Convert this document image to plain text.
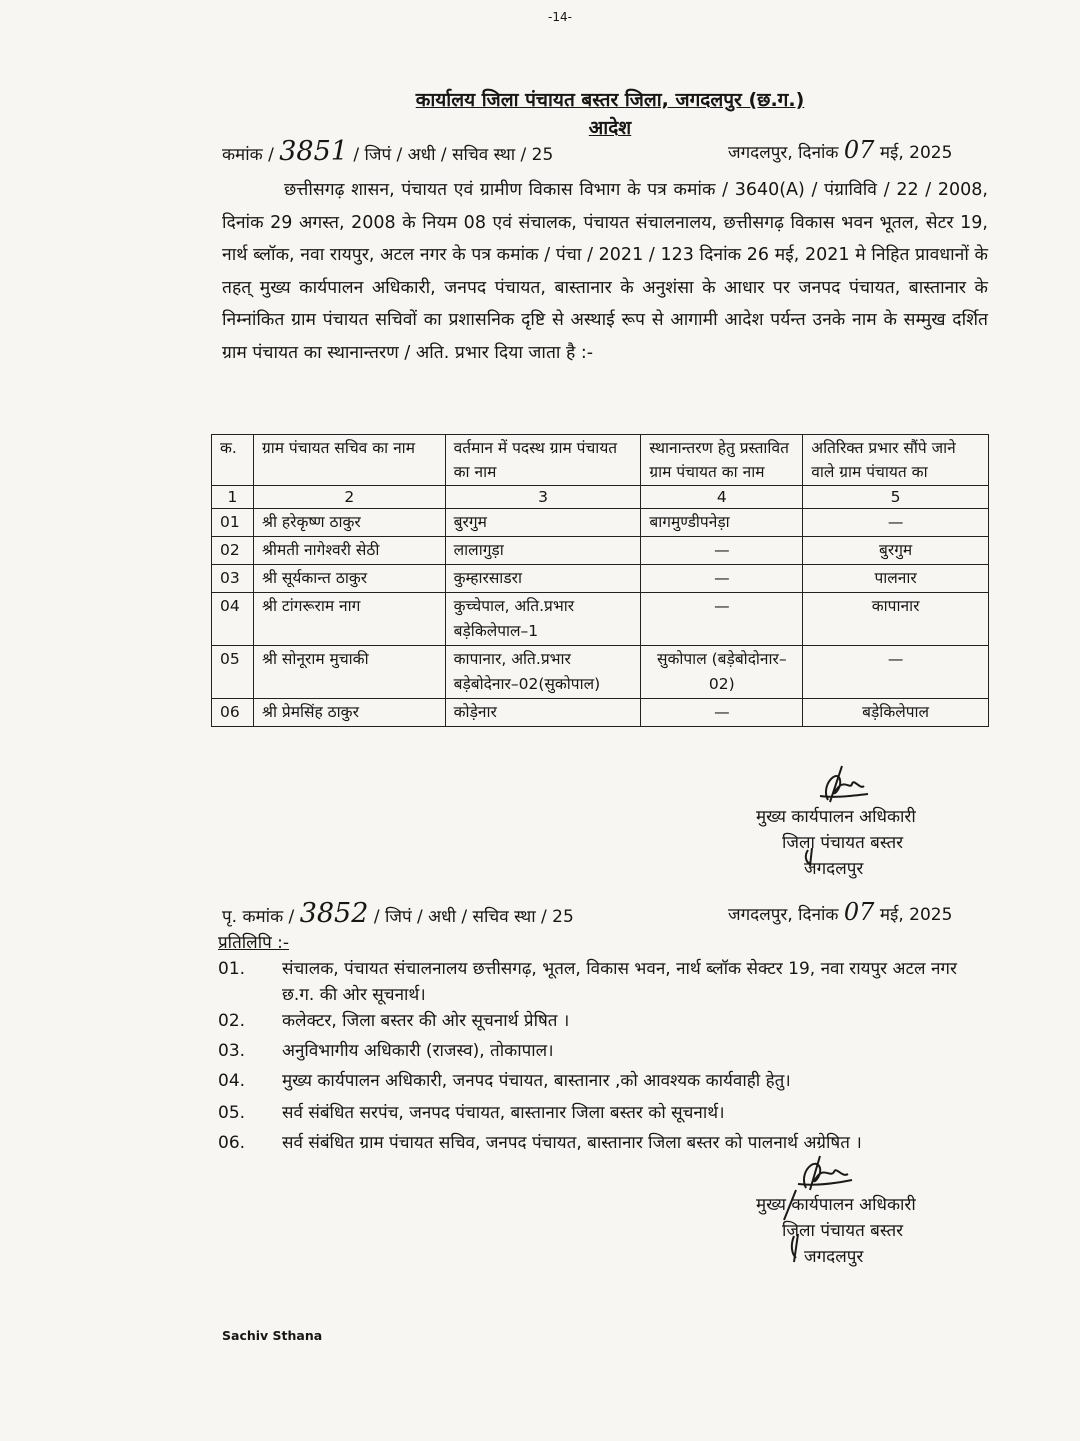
-14-
कार्यालय जिला पंचायत बस्तर जिला, जगदलपुर (छ.ग.)
आदेश
कमांक / 3851 / जिपं / अधी / सचिव स्था / 25	जगदलपुर, दिनांक 07 मई, 2025
छत्तीसगढ़ शासन, पंचायत एवं ग्रामीण विकास विभाग के पत्र कमांक / 3640(A) / पंग्राविवि / 22 / 2008, दिनांक 29 अगस्त, 2008 के नियम 08 एवं संचालक, पंचायत संचालनालय, छत्तीसगढ़ विकास भवन भूतल, सेटर 19, नार्थ ब्लॉक, नवा रायपुर, अटल नगर के पत्र कमांक / पंचा / 2021 / 123 दिनांक 26 मई, 2021 मे निहित प्रावधानों के तहत् मुख्य कार्यपालन अधिकारी, जनपद पंचायत, बास्तानार के अनुशंसा के आधार पर जनपद पंचायत, बास्तानार के निम्नांकित ग्राम पंचायत सचिवों का प्रशासनिक दृष्टि से अस्थाई रूप से आगामी आदेश पर्यन्त उनके नाम के सम्मुख दर्शित ग्राम पंचायत का स्थानान्तरण / अति. प्रभार दिया जाता है :-
क.	ग्राम पंचायत सचिव का नाम	वर्तमान में पदस्थ ग्राम पंचायत का नाम	स्थानान्तरण हेतु प्रस्तावित ग्राम पंचायत का नाम	अतिरिक्त प्रभार सौंपे जाने वाले ग्राम पंचायत का
1	2	3	4	5
01	श्री हरेकृष्ण ठाकुर	बुरगुम	बागमुण्डीपनेड़ा	—
02	श्रीमती नागेश्वरी सेठी	लालागुड़ा	—	बुरगुम
03	श्री सूर्यकान्त ठाकुर	कुम्हारसाडरा	—	पालनार
04	श्री टांगरूराम नाग	कुच्चेपाल, अति.प्रभार बड़ेकिलेपाल–1	—	कापानार
05	श्री सोनूराम मुचाकी	कापानार, अति.प्रभार बड़ेबोदेनार–02(सुकोपाल)	सुकोपाल (बड़ेबोदोनार–02)	—
06	श्री प्रेमसिंह ठाकुर	कोड़ेनार	—	बड़ेकिलेपाल
मुख्य कार्यपालन अधिकारी
जिला पंचायत बस्तर
जगदलपुर
पृ. कमांक / 3852 / जिपं / अधी / सचिव स्था / 25	जगदलपुर, दिनांक 07 मई, 2025
प्रतिलिपि :-
01. संचालक, पंचायत संचालनालय छत्तीसगढ़, भूतल, विकास भवन, नार्थ ब्लॉक सेक्टर 19, नवा रायपुर अटल नगर छ.ग. की ओर सूचनार्थ।
02. कलेक्टर, जिला बस्तर की ओर सूचनार्थ प्रेषित ।
03. अनुविभागीय अधिकारी (राजस्व), तोकापाल।
04. मुख्य कार्यपालन अधिकारी, जनपद पंचायत, बास्तानार ,को आवश्यक कार्यवाही हेतु।
05. सर्व संबंधित सरपंच, जनपद पंचायत, बास्तानार जिला बस्तर को सूचनार्थ।
06. सर्व संबंधित ग्राम पंचायत सचिव, जनपद पंचायत, बास्तानार जिला बस्तर को पालनार्थ अग्रेषित ।
मुख्य कार्यपालन अधिकारी
जिला पंचायत बस्तर
जगदलपुर
Sachiv Sthana
